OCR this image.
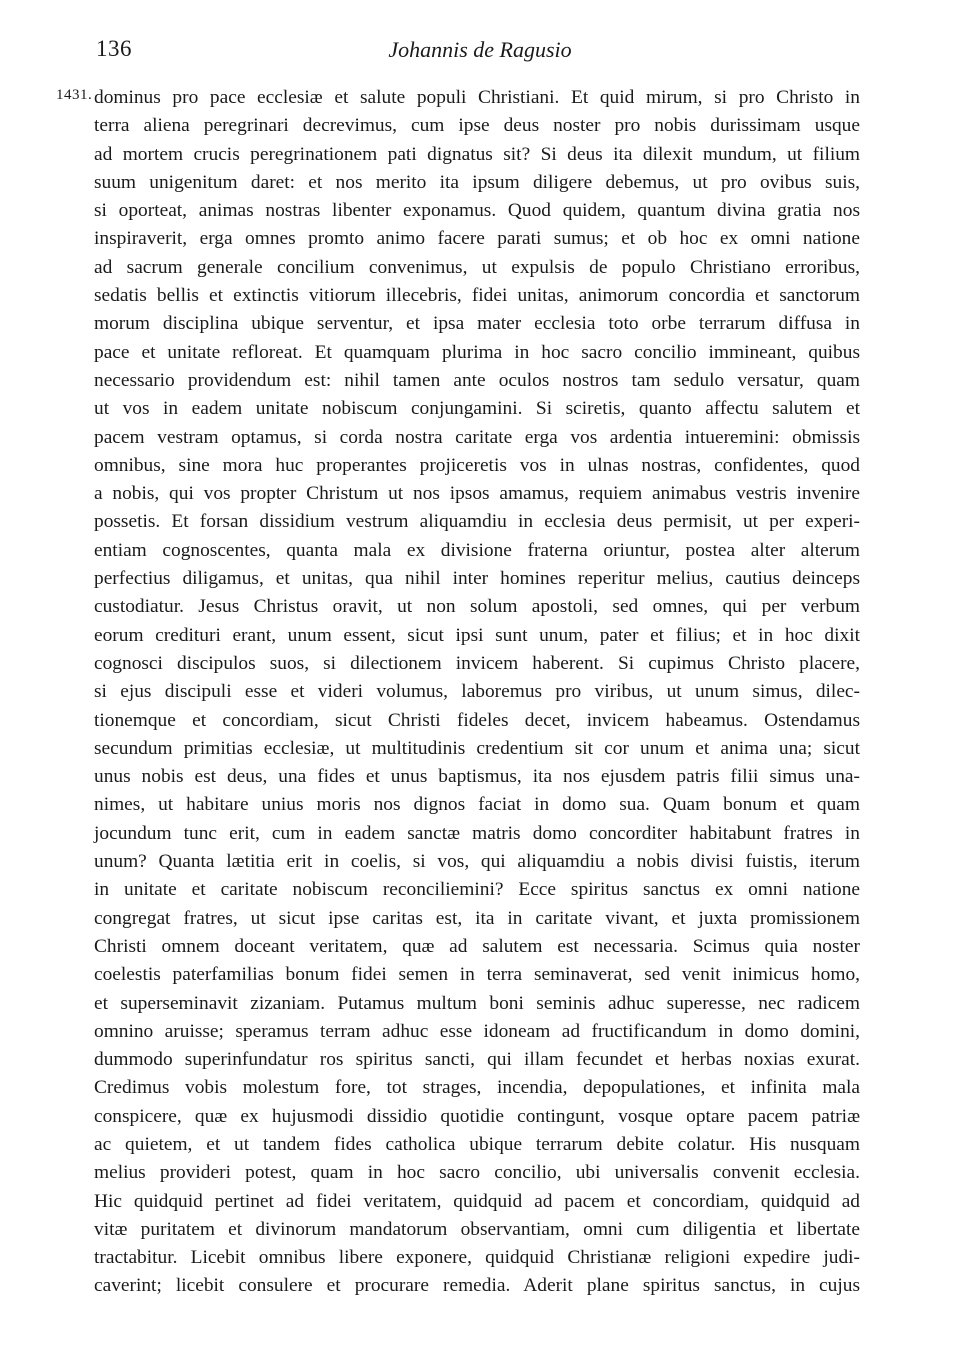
136	Johannis de Ragusio
1431. dominus pro pace ecclesiæ et salute populi Christiani. Et quid mirum, si pro Christo in
terra aliena peregrinari decrevimus, cum ipse deus noster pro nobis durissimam usque
ad mortem crucis peregrinationem pati dignatus sit? Si deus ita dilexit mundum, ut filium
suum unigenitum daret: et nos merito ita ipsum diligere debemus, ut pro ovibus suis,
si oporteat, animas nostras libenter exponamus. Quod quidem, quantum divina gratia nos
inspiraverit, erga omnes promto animo facere parati sumus; et ob hoc ex omni natione
ad sacrum generale concilium convenimus, ut expulsis de populo Christiano erroribus,
sedatis bellis et extinctis vitiorum illecebris, fidei unitas, animorum concordia et sanctorum
morum disciplina ubique serventur, et ipsa mater ecclesia toto orbe terrarum diffusa in
pace et unitate refloreat. Et quamquam plurima in hoc sacro concilio immineant, quibus
necessario providendum est: nihil tamen ante oculos nostros tam sedulo versatur, quam
ut vos in eadem unitate nobiscum conjungamini. Si sciretis, quanto affectu salutem et
pacem vestram optamus, si corda nostra caritate erga vos ardentia intueremini: obmissis
omnibus, sine mora huc properantes projiceretis vos in ulnas nostras, confidentes, quod
a nobis, qui vos propter Christum ut nos ipsos amamus, requiem animabus vestris invenire
possetis. Et forsan dissidium vestrum aliquamdiu in ecclesia deus permisit, ut per experi-
entiam cognoscentes, quanta mala ex divisione fraterna oriuntur, postea alter alterum
perfectius diligamus, et unitas, qua nihil inter homines reperitur melius, cautius deinceps
custodiatur. Jesus Christus oravit, ut non solum apostoli, sed omnes, qui per verbum
eorum credituri erant, unum essent, sicut ipsi sunt unum, pater et filius; et in hoc dixit
cognosci discipulos suos, si dilectionem invicem haberent. Si cupimus Christo placere,
si ejus discipuli esse et videri volumus, laboremus pro viribus, ut unum simus, dilec-
tionemque et concordiam, sicut Christi fideles decet, invicem habeamus. Ostendamus
secundum primitias ecclesiæ, ut multitudinis credentium sit cor unum et anima una; sicut
unus nobis est deus, una fides et unus baptismus, ita nos ejusdem patris filii simus una-
nimes, ut habitare unius moris nos dignos faciat in domo sua. Quam bonum et quam
jocundum tunc erit, cum in eadem sanctæ matris domo concorditer habitabunt fratres in
unum? Quanta lætitia erit in coelis, si vos, qui aliquamdiu a nobis divisi fuistis, iterum
in unitate et caritate nobiscum reconciliemini? Ecce spiritus sanctus ex omni natione
congregat fratres, ut sicut ipse caritas est, ita in caritate vivant, et juxta promissionem
Christi omnem doceant veritatem, quæ ad salutem est necessaria. Scimus quia noster
coelestis paterfamilias bonum fidei semen in terra seminaverat, sed venit inimicus homo,
et superseminavit zizaniam. Putamus multum boni seminis adhuc superesse, nec radicem
omnino aruisse; speramus terram adhuc esse idoneam ad fructificandum in domo domini,
dummodo superinfundatur ros spiritus sancti, qui illam fecundet et herbas noxias exurat.
Credimus vobis molestum fore, tot strages, incendia, depopulationes, et infinita mala
conspicere, quæ ex hujusmodi dissidio quotidie contingunt, vosque optare pacem patriæ
ac quietem, et ut tandem fides catholica ubique terrarum debite colatur. His nusquam
melius provideri potest, quam in hoc sacro concilio, ubi universalis convenit ecclesia.
Hic quidquid pertinet ad fidei veritatem, quidquid ad pacem et concordiam, quidquid ad
vitæ puritatem et divinorum mandatorum observantiam, omni cum diligentia et libertate
tractabitur. Licebit omnibus libere exponere, quidquid Christianæ religioni expedire judi-
caverint; licebit consulere et procurare remedia. Aderit plane spiritus sanctus, in cujus
